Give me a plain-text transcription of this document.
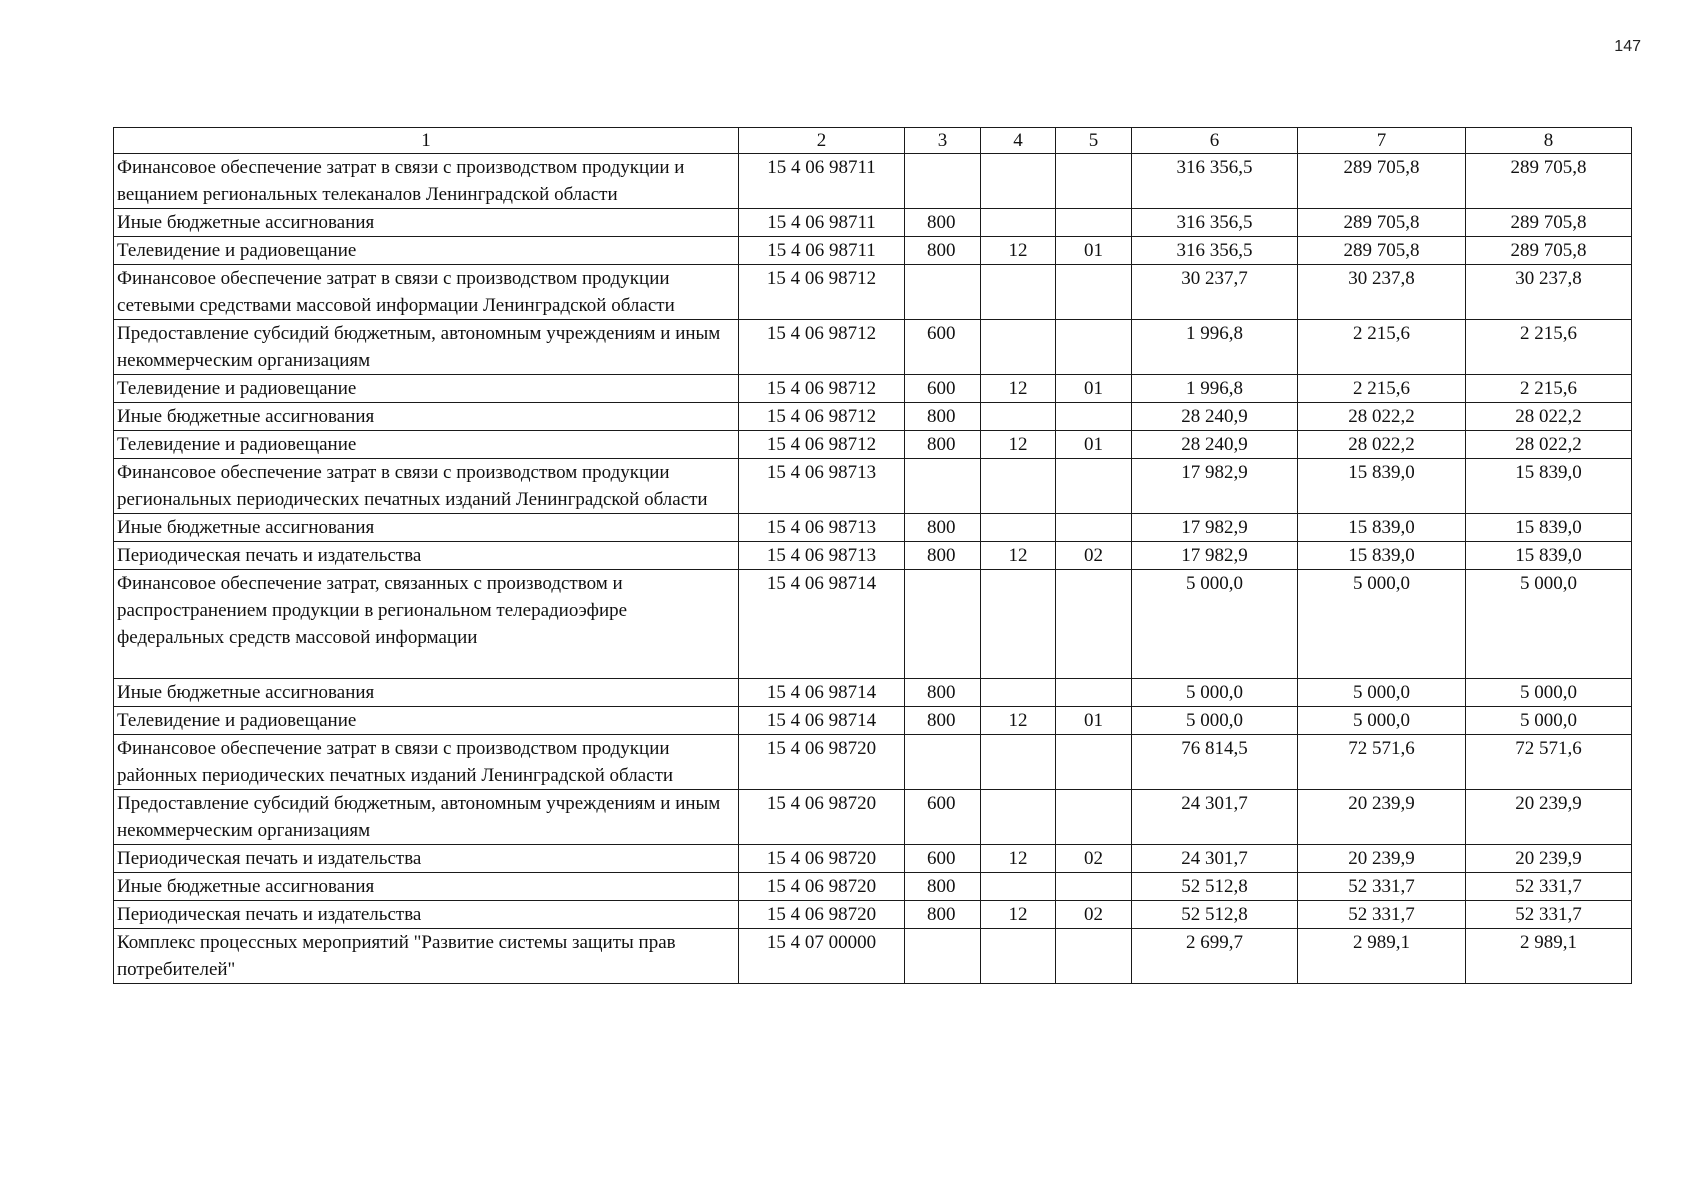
147
1	2	3	4	5	6	7	8
Финансовое обеспечение затрат в связи с производством продукции и вещанием региональных телеканалов Ленинградской области	15 4 06 98711				316 356,5	289 705,8	289 705,8
Иные бюджетные ассигнования	15 4 06 98711	800			316 356,5	289 705,8	289 705,8
Телевидение и радиовещание	15 4 06 98711	800	12	01	316 356,5	289 705,8	289 705,8
Финансовое обеспечение затрат в связи с производством продукции сетевыми средствами массовой информации Ленинградской области	15 4 06 98712				30 237,7	30 237,8	30 237,8
Предоставление субсидий бюджетным, автономным учреждениям и иным некоммерческим организациям	15 4 06 98712	600			1 996,8	2 215,6	2 215,6
Телевидение и радиовещание	15 4 06 98712	600	12	01	1 996,8	2 215,6	2 215,6
Иные бюджетные ассигнования	15 4 06 98712	800			28 240,9	28 022,2	28 022,2
Телевидение и радиовещание	15 4 06 98712	800	12	01	28 240,9	28 022,2	28 022,2
Финансовое обеспечение затрат в связи с производством продукции региональных периодических печатных изданий Ленинградской области	15 4 06 98713				17 982,9	15 839,0	15 839,0
Иные бюджетные ассигнования	15 4 06 98713	800			17 982,9	15 839,0	15 839,0
Периодическая печать и издательства	15 4 06 98713	800	12	02	17 982,9	15 839,0	15 839,0
Финансовое обеспечение затрат, связанных с производством и распространением продукции в региональном телерадиоэфире федеральных средств массовой информации	15 4 06 98714				5 000,0	5 000,0	5 000,0
Иные бюджетные ассигнования	15 4 06 98714	800			5 000,0	5 000,0	5 000,0
Телевидение и радиовещание	15 4 06 98714	800	12	01	5 000,0	5 000,0	5 000,0
Финансовое обеспечение затрат в связи с производством продукции районных периодических печатных изданий Ленинградской области	15 4 06 98720				76 814,5	72 571,6	72 571,6
Предоставление субсидий бюджетным, автономным учреждениям и иным некоммерческим организациям	15 4 06 98720	600			24 301,7	20 239,9	20 239,9
Периодическая печать и издательства	15 4 06 98720	600	12	02	24 301,7	20 239,9	20 239,9
Иные бюджетные ассигнования	15 4 06 98720	800			52 512,8	52 331,7	52 331,7
Периодическая печать и издательства	15 4 06 98720	800	12	02	52 512,8	52 331,7	52 331,7
Комплекс процессных мероприятий "Развитие системы защиты прав потребителей"	15 4 07 00000				2 699,7	2 989,1	2 989,1
